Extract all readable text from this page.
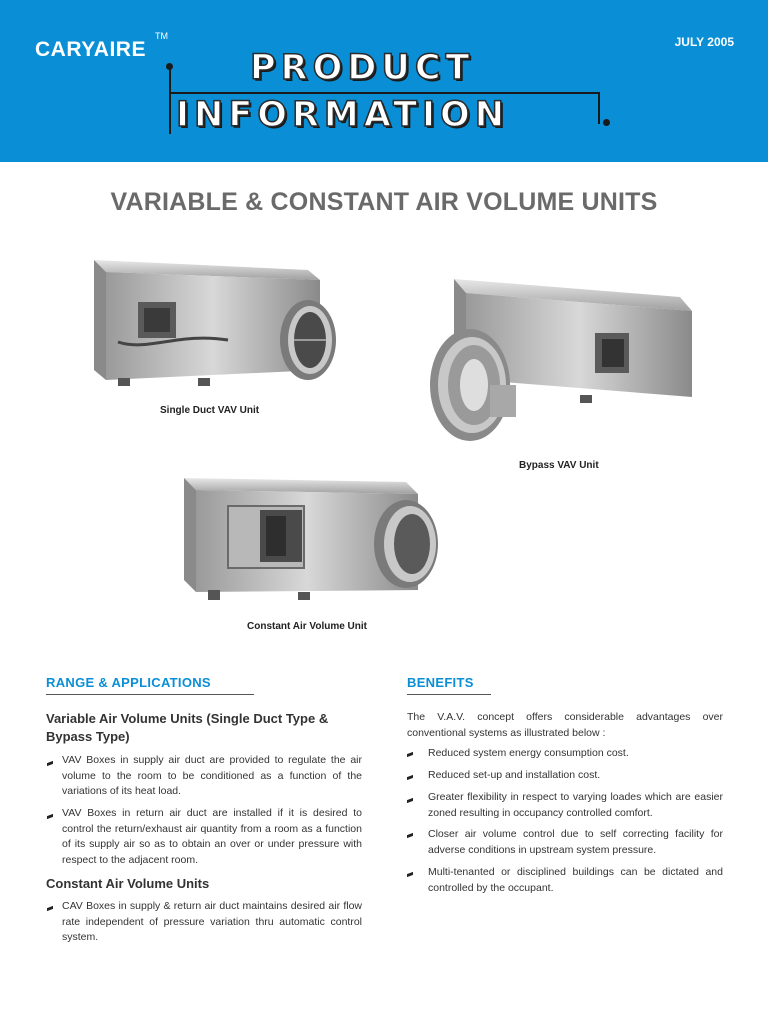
CARYAIRE
TM	JULY 2005
PRODUCT
INFORMATION
VARIABLE & CONSTANT AIR VOLUME UNITS
Single Duct VAV Unit
Bypass VAV Unit
Constant Air Volume Unit
RANGE & APPLICATIONS
Variable Air Volume Units (Single Duct Type & Bypass Type)
VAV Boxes in supply air duct are provided to regulate the air volume to the room to be conditioned as a function of the variations of its heat load.
VAV Boxes in return air duct are installed if it is desired to control the return/exhaust air quantity from a room as a function of its supply air so as to obtain an over or under pressure with respect to the adjacent room.
Constant Air Volume Units
CAV Boxes in supply & return air duct maintains desired air flow rate independent of pressure variation thru automatic control system.
BENEFITS
The V.A.V. concept offers considerable advantages over conventional systems as illustrated below :
Reduced system energy consumption cost.
Reduced set-up and installation cost.
Greater flexibility in respect to varying loades which are easier zoned resulting in occupancy controlled comfort.
Closer air volume control due to self correcting facility for adverse conditions in upstream system pressure.
Multi-tenanted or disciplined buildings can be dictated and controlled by the occupant.
